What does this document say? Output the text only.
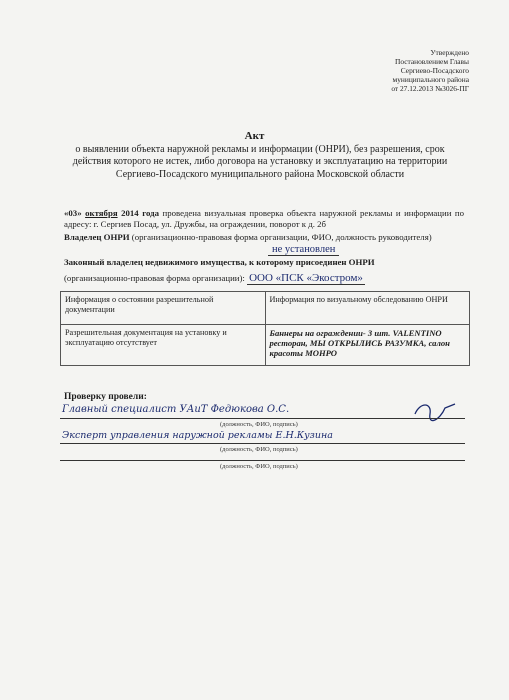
Утверждено
Постановлением Главы
Сергиево-Посадского
муниципального района
от 27.12.2013 №3026-ПГ
Акт
о выявлении объекта наружной рекламы и информации (ОНРИ), без разрешения, срок действия которого не истек, либо договора на установку и эксплуатацию на территории Сергиево-Посадского муниципального района Московской области
«03» октября 2014 года проведена визуальная проверка объекта наружной рекламы и информации по адресу: г. Сергиев Посад, ул. Дружбы, на ограждении, поворот к д. 2б
Владелец ОНРИ (организационно-правовая форма организации, ФИО, должность руководителя)
не установлен
Законный владелец недвижимого имущества, к которому присоединен ОНРИ
(организационно-правовая форма организации): ООО «ПСК «Экостром»
Информация о состоянии разрешительной документации	Информация по визуальному обследованию ОНРИ
Разрешительная документация на установку и эксплуатацию отсутствует	Баннеры на ограждении- 3 шт. VALENTINO ресторан, МЫ ОТКРЫЛИСЬ РАЗУМКА, салон красоты МОНРО
Проверку провели:
Главный специалист УАиТ Федюкова О.С.
(должность, ФИО, подпись)
Эксперт управления наружной рекламы Е.Н.Кузина
(должность, ФИО, подпись)
(должность, ФИО, подпись)
